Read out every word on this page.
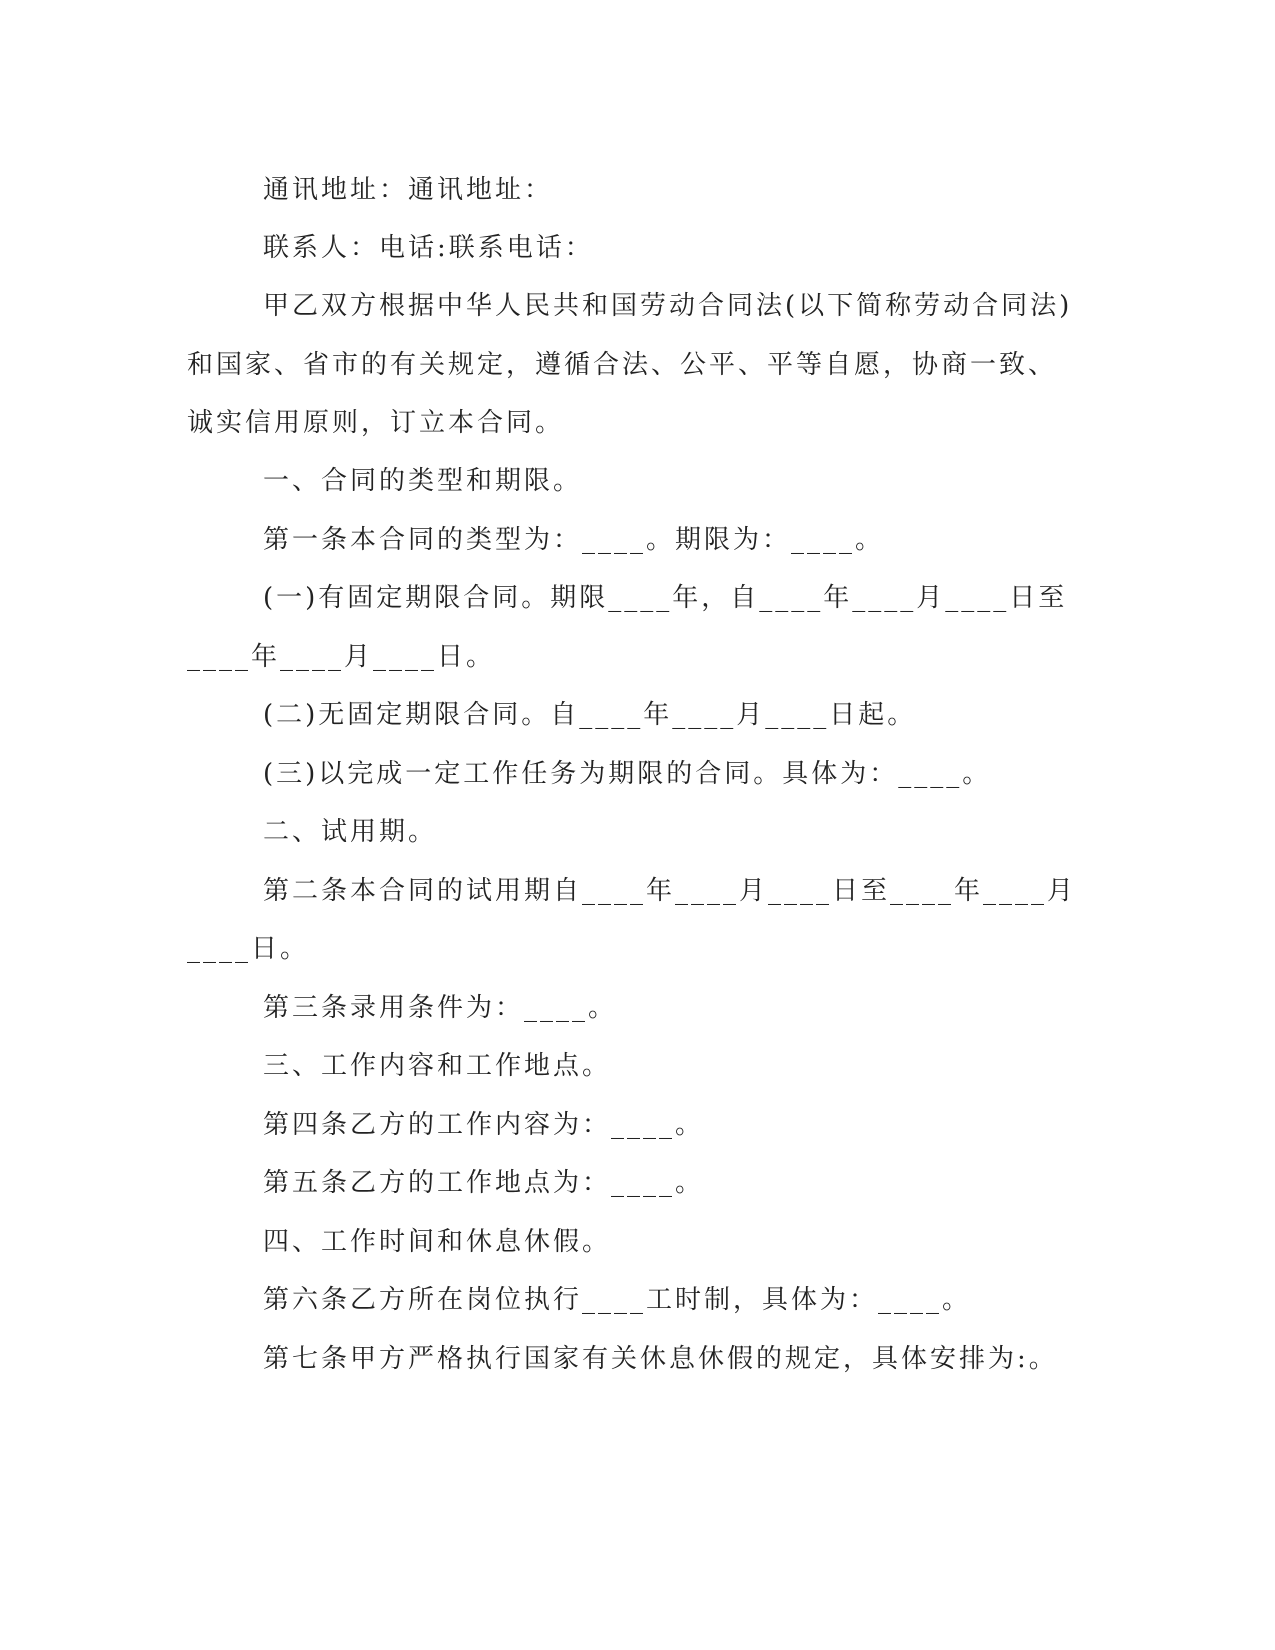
通讯地址：通讯地址：
联系人：电话:联系电话：
甲乙双方根据中华人民共和国劳动合同法(以下简称劳动合同法)
和国家、省市的有关规定，遵循合法、公平、平等自愿，协商一致、
诚实信用原则，订立本合同。
一、合同的类型和期限。
第一条本合同的类型为：____。期限为：____。
(一)有固定期限合同。期限____年，自____年____月____日至
____年____月____日。
(二)无固定期限合同。自____年____月____日起。
(三)以完成一定工作任务为期限的合同。具体为：____。
二、试用期。
第二条本合同的试用期自____年____月____日至____年____月
____日。
第三条录用条件为：____。
三、工作内容和工作地点。
第四条乙方的工作内容为：____。
第五条乙方的工作地点为：____。
四、工作时间和休息休假。
第六条乙方所在岗位执行____工时制，具体为：____。
第七条甲方严格执行国家有关休息休假的规定，具体安排为:。
